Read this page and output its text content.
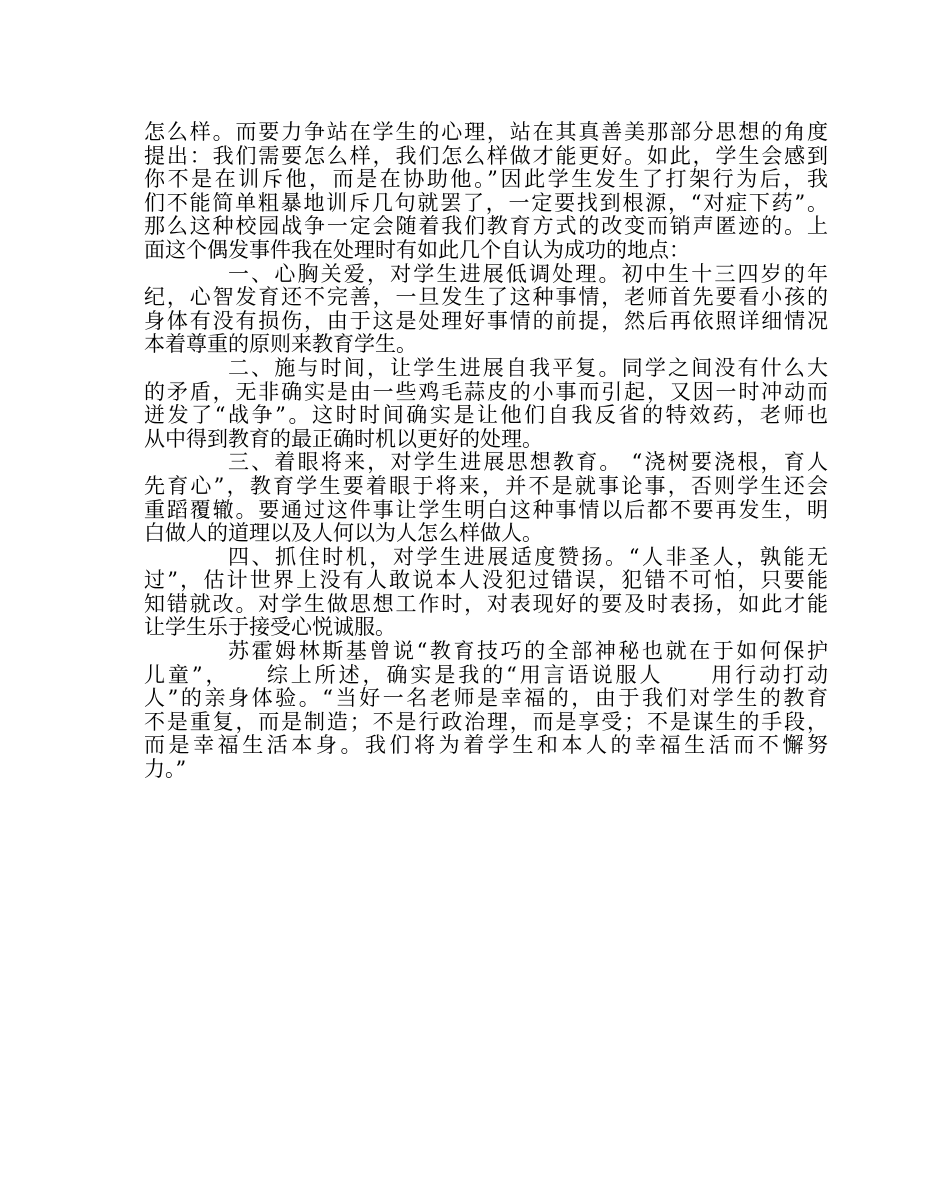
怎么样。而要力争站在学生的心理，站在其真善美那部分思想的角度
提出：我们需要怎么样，我们怎么样做才能更好。如此，学生会感到
你不是在训斥他，而是在协助他。”因此学生发生了打架行为后，我
们不能简单粗暴地训斥几句就罢了，一定要找到根源，“对症下药”。
那么这种校园战争一定会随着我们教育方式的改变而销声匿迹的。上
面这个偶发事件我在处理时有如此几个自认为成功的地点：
一、心胸关爱，对学生进展低调处理。初中生十三四岁的年
纪，心智发育还不完善，一旦发生了这种事情，老师首先要看小孩的
身体有没有损伤，由于这是处理好事情的前提，然后再依照详细情况
本着尊重的原则来教育学生。
二、施与时间，让学生进展自我平复。同学之间没有什么大
的矛盾，无非确实是由一些鸡毛蒜皮的小事而引起，又因一时冲动而
迸发了“战争”。这时时间确实是让他们自我反省的特效药，老师也
从中得到教育的最正确时机以更好的处理。
三、着眼将来，对学生进展思想教育。 “浇树要浇根，育人
先育心”，教育学生要着眼于将来，并不是就事论事，否则学生还会
重蹈覆辙。要通过这件事让学生明白这种事情以后都不要再发生，明
白做人的道理以及人何以为人怎么样做人。
四、抓住时机，对学生进展适度赞扬。“人非圣人，孰能无
过”，估计世界上没有人敢说本人没犯过错误，犯错不可怕，只要能
知错就改。对学生做思想工作时，对表现好的要及时表扬，如此才能
让学生乐于接受心悦诚服。
苏霍姆林斯基曾说“教育技巧的全部神秘也就在于如何保护
儿童”，　　综上所述，确实是我的“用言语说服人　　用行动打动
人”的亲身体验。“当好一名老师是幸福的，由于我们对学生的教育
不是重复，而是制造；不是行政治理，而是享受；不是谋生的手段，
而是幸福生活本身。我们将为着学生和本人的幸福生活而不懈努
力。”
